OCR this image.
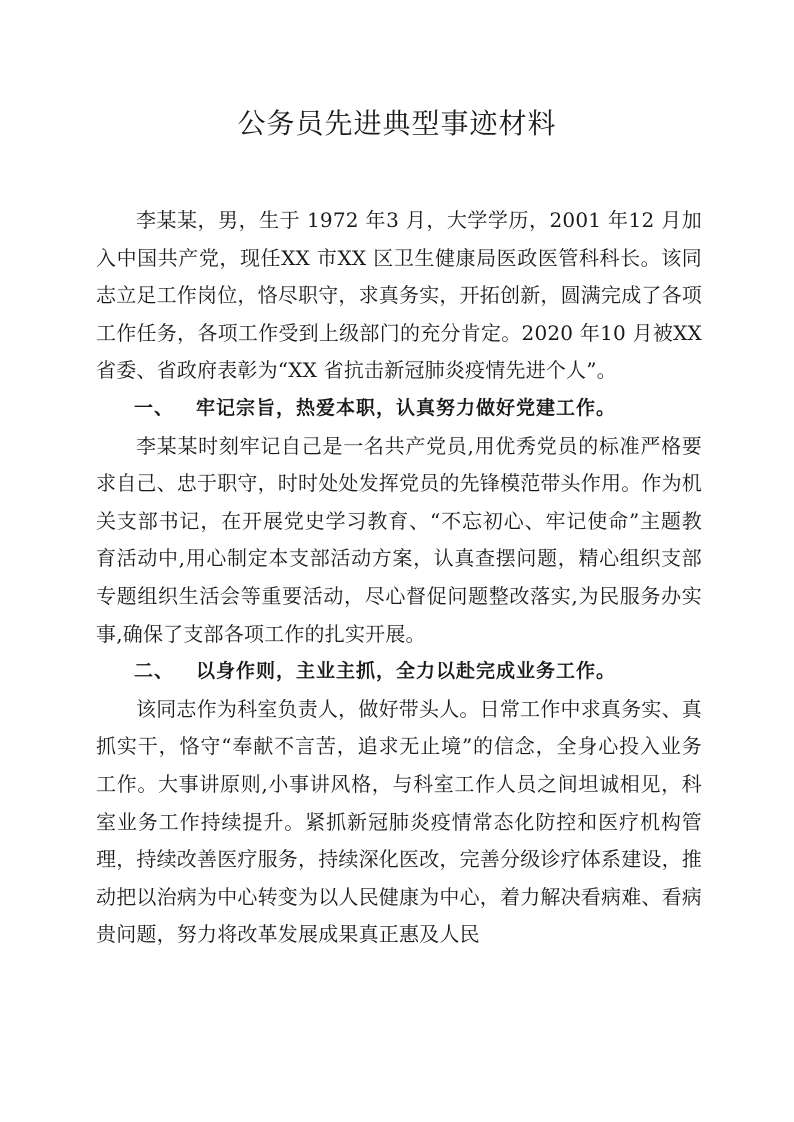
公务员先进典型事迹材料

李某某，男，生于 1972 年3 月，大学学历，2001 年12 月加入中国共产党，现任XX 市XX 区卫生健康局医政医管科科长。该同志立足工作岗位，恪尽职守，求真务实，开拓创新，圆满完成了各项工作任务，各项工作受到上级部门的充分肯定。2020 年10 月被XX 省委、省政府表彰为“XX 省抗击新冠肺炎疫情先进个人”。

一、 牢记宗旨，热爱本职，认真努力做好党建工作。

李某某时刻牢记自己是一名共产党员,用优秀党员的标准严格要求自己、忠于职守，时时处处发挥党员的先锋模范带头作用。作为机关支部书记，在开展党史学习教育、“不忘初心、牢记使命”主题教育活动中,用心制定本支部活动方案，认真查摆问题，精心组织支部专题组织生活会等重要活动，尽心督促问题整改落实,为民服务办实事,确保了支部各项工作的扎实开展。

二、 以身作则，主业主抓，全力以赴完成业务工作。

该同志作为科室负责人，做好带头人。日常工作中求真务实、真抓实干，恪守“奉献不言苦，追求无止境”的信念，全身心投入业务工作。大事讲原则,小事讲风格，与科室工作人员之间坦诚相见，科室业务工作持续提升。紧抓新冠肺炎疫情常态化防控和医疗机构管理，持续改善医疗服务，持续深化医改，完善分级诊疗体系建设，推动把以治病为中心转变为以人民健康为中心，着力解决看病难、看病贵问题，努力将改革发展成果真正惠及人民
